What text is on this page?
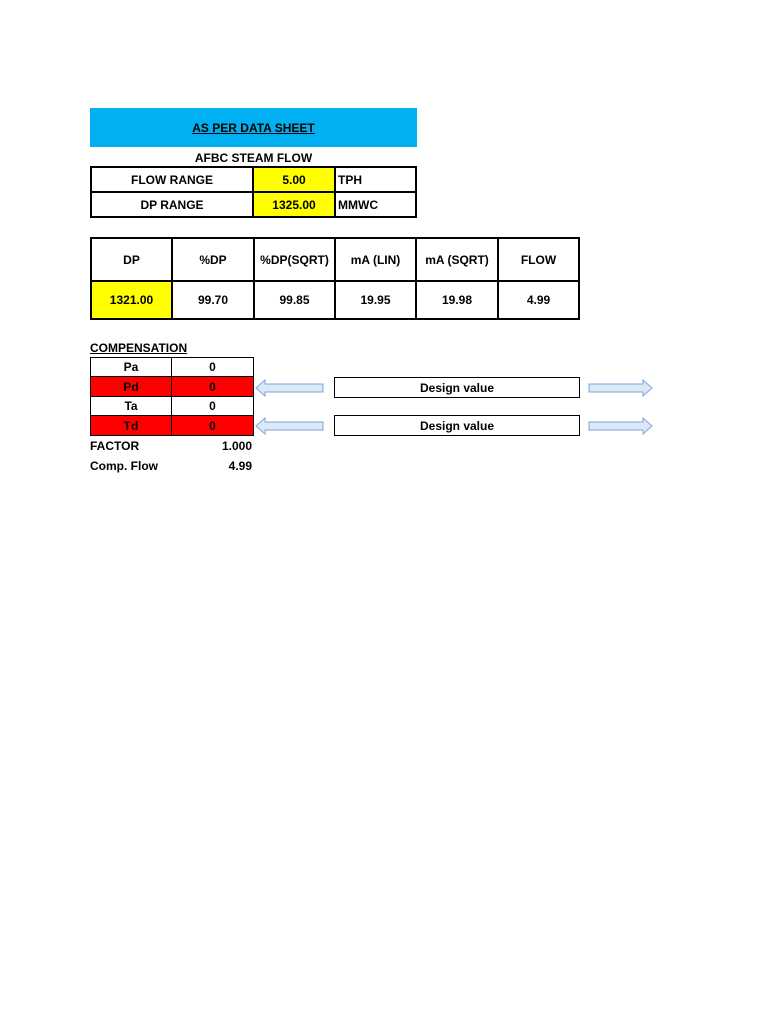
AS PER DATA SHEET
AFBC STEAM FLOW
FLOW RANGE	5.00	TPH
DP RANGE	1325.00 MMWC
DP	%DP	%DP(SQRT)	mA (LIN)	mA (SQRT)	FLOW
1321.00	99.70	99.85	19.95	19.98	4.99
COMPENSATION
Pa	0
Pd	0
Ta	0
Td	0
FACTOR	1.000
Comp. Flow	4.99
Design value
Design value
